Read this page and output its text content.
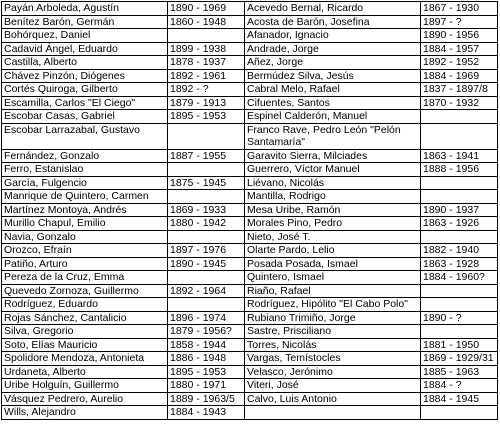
Payán Arboleda, Agustín	1890 - 1969	Acevedo Bernal, Ricardo	1867 - 1930
Benítez Barón, Germán	1860 - 1948	Acosta de Barón, Josefina	1897 - ?
Bohórquez, Daniel		Afanador, Ignacio	1890 - 1956
Cadavid Ángel, Eduardo	1899 - 1938	Andrade, Jorge	1884 - 1957
Castilla, Alberto	1878 - 1937	Añez, Jorge	1892 - 1952
Chávez Pinzón, Diógenes	1892 - 1961	Bermúdez Silva, Jesús	1884 - 1969
Cortés Quiroga, Gilberto	1892 - ?	Cabral Melo, Rafael	1837 - 1897/8
Escamilla, Carlos "El Ciego"	1879 - 1913	Cifuentes, Santos	1870 - 1932
Escobar Casas, Gabriel	1895 - 1953	Espinel Calderón, Manuel	
Escobar Larrazabal, Gustavo		Franco Rave, Pedro León "Pelón Santamaría"	
Fernández, Gonzalo	1887 - 1955	Garavito Sierra, Milciades	1863 - 1941
Ferro, Estanislao		Guerrero, Víctor Manuel	1888 - 1956
García, Fulgencio	1875 - 1945	Liévano, Nicolás	
Manrique de Quintero, Carmen		Mantilla, Rodrigo	
Martínez Montoya, Andrés	1869 - 1933	Mesa Uribe, Ramón	1890 - 1937
Murillo Chapul, Emilio	1880 - 1942	Morales Pino, Pedro	1863 - 1926
Navia, Gonzalo		Nieto, José T.	
Orozco, Efraín	1897 - 1976	Olarte Pardo, Lelio	1882 - 1940
Patiño, Arturo	1890 - 1945	Posada Posada, Ismael	1863 - 1928
Pereza de la Cruz, Emma		Quintero, Ismael	1884 - 1960?
Quevedo Zornoza, Guillermo	1892 - 1964	Riaño, Rafael	
Rodríguez, Eduardo		Rodríguez, Hipólito "El Cabo Polo"	
Rojas Sánchez, Cantalicio	1896 - 1974	Rubiano Trimiño, Jorge	1890 - ?
Silva, Gregorio	1879 - 1956?	Sastre, Prisciliano	
Soto, Elías Mauricio	1858 - 1944	Torres, Nicolás	1881 - 1950
Spolidore Mendoza, Antonieta	1886 - 1948	Vargas, Temístocles	1869 - 1929/31
Urdaneta, Alberto	1895 - 1953	Velasco, Jerónimo	1885 - 1963
Uribe Holguín, Guillermo	1880 - 1971	Viteri, José	1884 - ?
Vásquez Pedrero, Aurelio	1889 - 1963/5	Calvo, Luis Antonio	1884 - 1945
Wills, Alejandro	1884 - 1943		
